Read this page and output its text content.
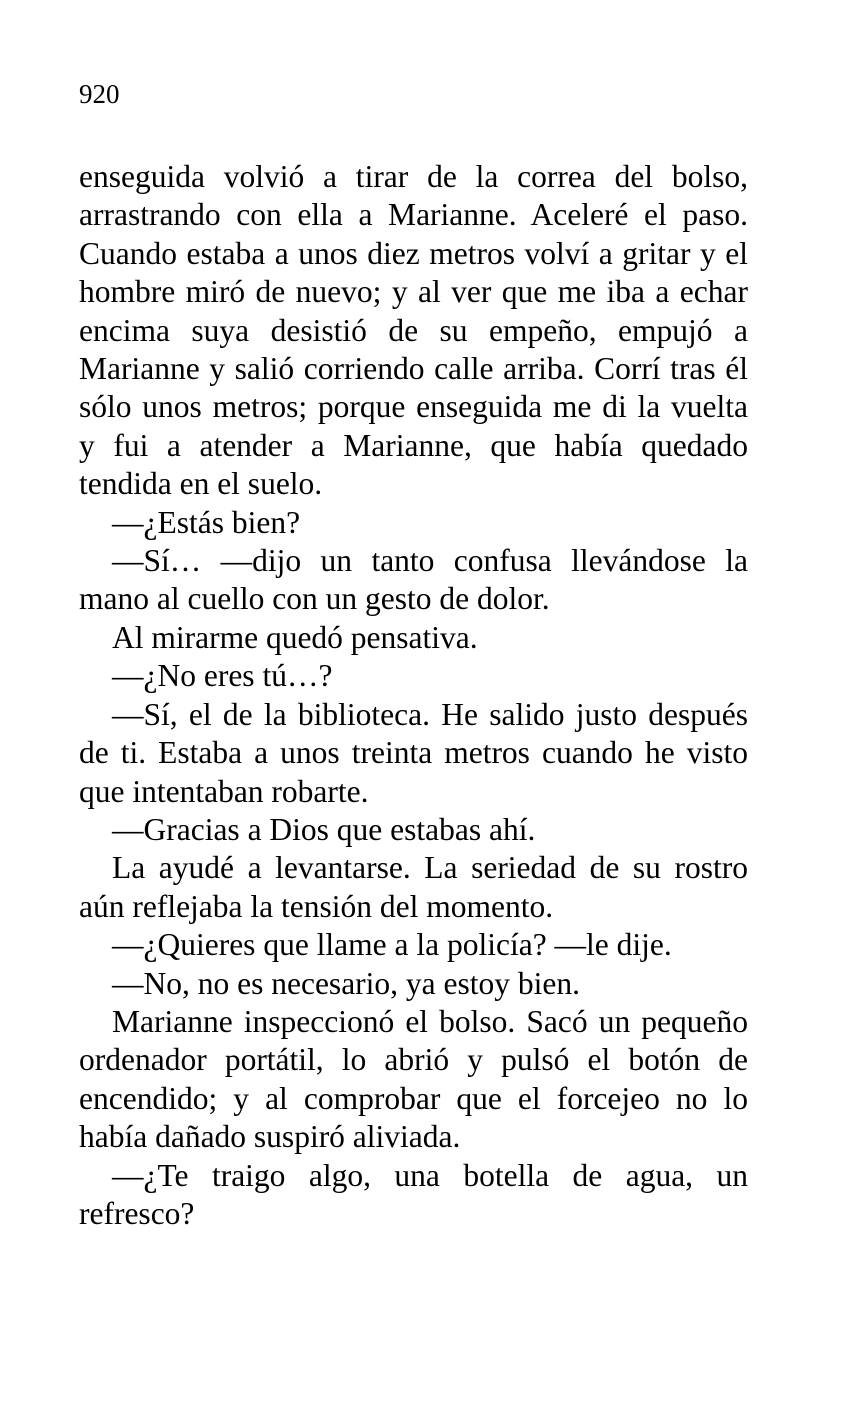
920

enseguida volvió a tirar de la correa del bolso, arrastrando con ella a Marianne. Aceleré el paso. Cuando estaba a unos diez metros volví a gritar y el hombre miró de nuevo; y al ver que me iba a echar encima suya desistió de su empeño, empujó a Marianne y salió corriendo calle arriba. Corrí tras él sólo unos metros; porque enseguida me di la vuelta y fui a atender a Marianne, que había quedado tendida en el suelo.

—¿Estás bien?

—Sí… —dijo un tanto confusa llevándose la mano al cuello con un gesto de dolor.

Al mirarme quedó pensativa.

—¿No eres tú…?

—Sí, el de la biblioteca. He salido justo después de ti. Estaba a unos treinta metros cuando he visto que intentaban robarte.

—Gracias a Dios que estabas ahí.

La ayudé a levantarse. La seriedad de su rostro aún reflejaba la tensión del momento.

—¿Quieres que llame a la policía? —le dije.

—No, no es necesario, ya estoy bien.

Marianne inspeccionó el bolso. Sacó un pequeño ordenador portátil, lo abrió y pulsó el botón de encendido; y al comprobar que el forcejeo no lo había dañado suspiró aliviada.

—¿Te traigo algo, una botella de agua, un refresco?
